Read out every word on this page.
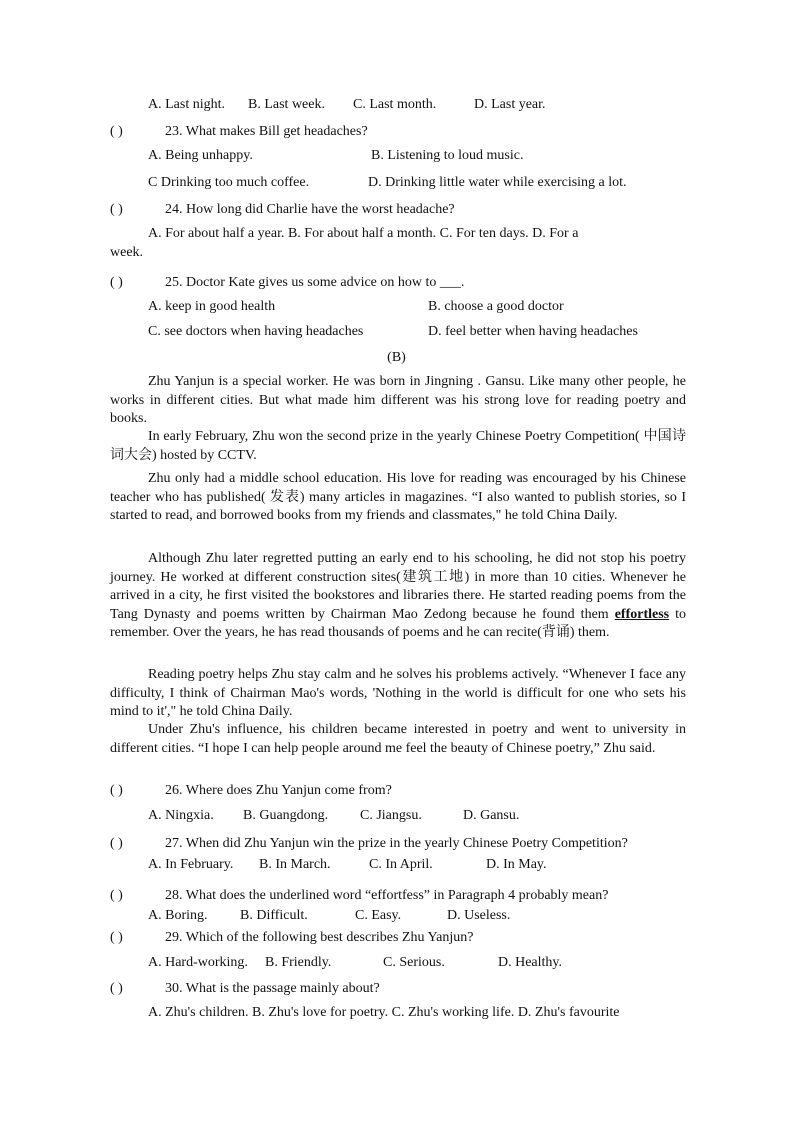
A. Last night. B. Last week. C. Last month.	D. Last year.
( )	23. What makes Bill get headaches?
A. Being unhappy.	B. Listening to loud music.
C Drinking too much coffee.	D. Drinking little water while exercising a lot.
( )	24. How long did Charlie have the worst headache?
A. For about half a year. B. For about half a month. C. For ten days. D. For a
week.
( )	25. Doctor Kate gives us some advice on how to ___.
A. keep in good health	B. choose a good doctor
C. see doctors when having headaches	D. feel better when having headaches
(B)
Zhu Yanjun is a special worker. He was born in Jingning . Gansu. Like many other people, he works in different cities. But what made him different was his strong love for reading poetry and books.
In early February, Zhu won the second prize in the yearly Chinese Poetry Competition( 中国诗词大会) hosted by CCTV.
Zhu only had a middle school education. His love for reading was encouraged by his Chinese teacher who has published( 发表) many articles in magazines. “I also wanted to publish stories, so I started to read, and borrowed books from my friends and classmates," he told China Daily.
Although Zhu later regretted putting an early end to his schooling, he did not stop his poetry journey. He worked at different construction sites(建筑工地) in more than 10 cities. Whenever he arrived in a city, he first visited the bookstores and libraries there. He started reading poems from the Tang Dynasty and poems written by Chairman Mao Zedong because he found them effortless to remember. Over the years, he has read thousands of poems and he can recite(背诵) them.
Reading poetry helps Zhu stay calm and he solves his problems actively. “Whenever I face any difficulty, I think of Chairman Mao's words, 'Nothing in the world is difficult for one who sets his mind to it'," he told China Daily.
Under Zhu's influence, his children became interested in poetry and went to university in different cities. “I hope I can help people around me feel the beauty of Chinese poetry,” Zhu said.
( )	26. Where does Zhu Yanjun come from?
A. Ningxia. B. Guangdong. C. Jiangsu.	D. Gansu.
( )	27. When did Zhu Yanjun win the prize in the yearly Chinese Poetry Competition?
A. In February. B. In March.	C. In April.	D. In May.
( )	28. What does the underlined word “effortfess” in Paragraph 4 probably mean?
A. Boring. B. Difficult.	C. Easy.	D. Useless.
( )	29. Which of the following best describes Zhu Yanjun?
A. Hard-working. B. Friendly.	C. Serious.	D. Healthy.
( )	30. What is the passage mainly about?
A. Zhu's children. B. Zhu's love for poetry. C. Zhu's working life. D. Zhu's favourite
